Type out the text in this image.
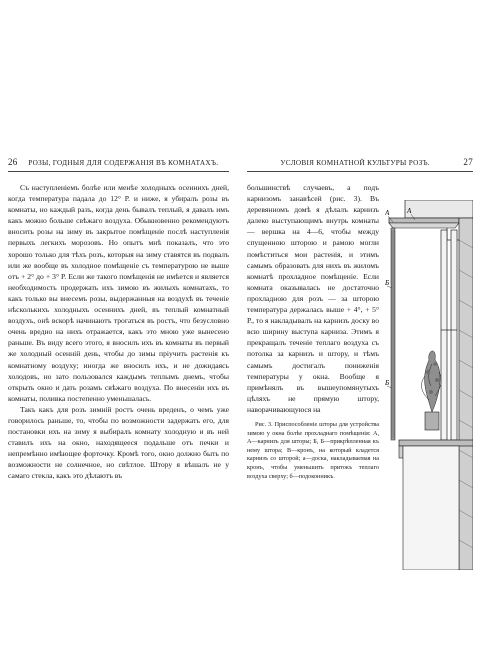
26	РОЗЫ, ГОДНЫЯ ДЛЯ СОДЕРЖАНІЯ ВЪ КОМНАТАХЪ.

Съ наступленіемъ болѣе или менѣе холодныхъ осеннихъ дней, когда температура падала до 12° Р. и ниже, я убиралъ розы въ комнаты, но каждый разъ, когда день бывалъ теплый, я давалъ имъ какъ можно больше свѣжаго воздуха. Обыкновенно рекомендуютъ вносить розы на зиму въ закрытое помѣщеніе послѣ наступленія первыхъ легкихъ морозовъ. Но опытъ мнѣ показалъ, что это хорошо только для тѣхъ розъ, которыя на зиму ставятся въ подвалъ или же вообще въ холодное помѣщеніе съ температурою не выше отъ + 2° до + 3° Р. Если же такого помѣщенія не имѣется и является необходимость продержать ихъ зимою въ жилыхъ комнатахъ, то какъ только вы внесемъ розы, выдержанныя на воздухѣ въ теченіе нѣсколькихъ холодныхъ осеннихъ дней, въ теплый комнатный воздухъ, онѣ вскорѣ начинаютъ трогаться въ ростъ, что безусловно очень вредно на нихъ отражается, какъ это мною уже вынесено раньше. Въ виду всего этого, я вносилъ ихъ въ комнаты въ первый же холодный осенній день, чтобы до зимы пріучить растенія къ комнатному воздуху; иногда же вносилъ ихъ, и не дожидаясь холодовъ, но зато пользовался каждымъ теплымъ днемъ, чтобы открыть окно и дать розамъ свѣжаго воздуха. По внесеніи ихъ въ комнаты, поливка постепенно уменьшалась.

Такъ какъ для розъ зимній ростъ очень вреденъ, о чемъ уже говорилось раньше, то, чтобы по возможности задержать его, для постановки ихъ на зиму я выбиралъ комнату холодную и въ ней ставилъ ихъ на окно, находящееся подальше отъ печки и непремѣнно имѣющее форточку. Кромѣ того, окно должно быть по возможности не солнечное, но свѣтлое. Штору я вѣшалъ не у самаго стекла, какъ это дѣлаютъ въ

УСЛОВІЯ КОМНАТНОЙ КУЛЬТУРЫ РОЗЪ.	27

большинствѣ случаевъ, а подъ карнизомъ занавѣсей (рис. 3). Въ деревянномъ домѣ я дѣлалъ карнизъ далеко выступающимъ внутрь комнаты — вершка на 4—6, чтобы между спущенною шторою и рамою могли помѣститься мои растенія, и этимъ самымъ образовать для нихъ въ жиломъ комнатѣ прохладное помѣщеніе. Если комната оказывалась не достаточно прохладною для розъ — за шторою температура держалась выше + 4°, + 5° Р., то я накладывалъ на карнизъ доску во всю ширину выступа карниза. Этимъ я прекращалъ теченіе теплаго воздуха съ потолка за карнизъ и штору, и тѣмъ самымъ достигалъ пониженія температуры у окна. Вообще я примѣнялъ въ вышеупомянутыхъ цѣляхъ не прямую штору, наворачивающуюся на

Рис. 3. Приспособленіе шторы для устройства зимою у окна болѣе прохладнаго помѣщенія: А, А—карнизъ для шторы; Б, Б—прикрѣпленная къ нему штора; В—кронъ, на который кладется карнизъ со шторой; а—доска, накладываемая на кронъ, чтобы уменьшить притокъ теплаго воздуха сверху; б—подоконникъ.

А	А
Б
Б
